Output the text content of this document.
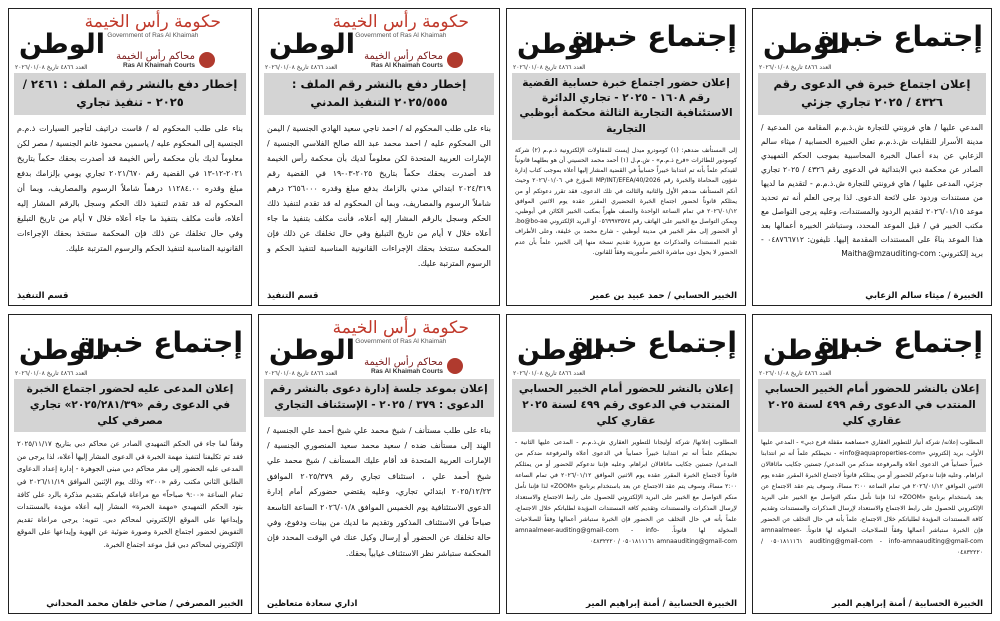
إجتماع خبرة
الوطن
العدد ٤٨٦٦ تاريخ ٢٠٢٦/٠١/٠٨
إعلان اجتماع خبرة في الدعوى رقم ٤٣٢٦ / ٢٠٢٥ تجاري جزئي
المدعي عليها / هاي فرونتي للتجارة ش.ذ.م.م المقامة من المدعية / مدينة الأسرار للنقليات ش.ذ.م.م تعلن الخبيرة الحسابية / ميثاء سالم الزعابي عن بدء أعمال الخبرة المحاسبية بموجب الحكم التمهيدي الصادر عن محكمة دبي الابتدائية في الدعوى رقم ٤٣٢٦ / ٢٠٢٥ تجاري جزئي، المدعى عليها / هاي فرونتي للتجارة ش.ذ.م.م - لتقديم ما لديها من مستندات وردود على لائحة الدعوى. لذا يرجى العلم أنه تم تحديد موعد ٢٠٢٦/٠١/١٥ لتقديم الردود والمستندات، وعليه يرجى التواصل مع مكتب الخبير في / قبل الموعد المحدد، وستباشر الخبيرة أعمالها بعد هذا الموعد بناءً على المستندات المقدمة إليها. تليفون: ٠٤٨٧٦٦٧١٢ - بريد إلكتروني: Maitha@mzauditing-com
الخبيرة / ميثاء سالم الزعابي
إجتماع خبرة
الوطن
العدد ٤٨٦٦ تاريخ ٢٠٢٦/٠١/٠٨
إعلان حضور اجتماع خبرة حسابية القضية رقم ١٦٠٨ - ٢٠٢٥ - تجاري الدائرة الاستئنافية التجارية الثالثة محكمة أبوظبي التجارية
إلى المستأنف ضدهم: (١) كومودرو ميدل إيست للمقاولات الإلكترونية ذ.م.م (٢) شركة كومودور للطائرات «فرع ذ.م.م» - ش.م.ل (١) أحمد محمد الحسيني أن هو بطلهما قانونياً لقيدكم علماً بأنه تم انتدابنا خبيراً حسابياً في القضية المشار إليها أعلاه بموجب كتاب إدارة شؤون المحاماة والخبرة رقم MP/INT/EFEA/40/2026 المؤرخ في ٢٠٢٦/٠١/٠٦ وحيث أنكم المستأنف ضدهم الأول والثانية والثالث في تلك الدعوى، فقد تقرر دعوتكم أو من يمثلكم قانوناً لحضور اجتماع الخبرة التحضيري المقرر عقده يوم الاثنين الموافق ٢٠٢٦/٠١/١٢ في تمام الساعة الواحدة والنصف ظهراً بمكتب الخبير الكائن في أبوظبي، ويمكن التواصل مع الخبير على الهاتف رقم ٠٥٦٩٩٧٣٥٧٤ أو البريد الإلكتروني bo@bo-ae، أو الحضور إلى مقر الخبير في مدينة أبوظبي - شارع محمد بن خليفة، وعلى الأطراف تقديم المستندات والمذكرات مع ضرورة تقديم نسخة منها إلى الخبير، علماً بأن عدم الحضور لا يحول دون مباشرة الخبير مأموريته وفقاً للقانون.
الخبير الحسابي / حمد عبيد بن عمير
حكومة رأس الخيمة
Government of Ras Al Khaimah
محاكم رأس الخيمة
Ras Al Khaimah Courts
الوطن
العدد ٤٨٦٦ تاريخ ٢٠٢٦/٠١/٠٨
إخطار دفع بالنشر رقم الملف : ٢٠٢٥/٥٥٥ التنفيذ المدني
بناء على طلب المحكوم له / احمد ناجي سعيد الهادي الجنسية / اليمن الى المحكوم عليه / احمد محمد عبد الله صالح الفلاسي الجنسية / الإمارات العربية المتحدة لكن معلوماً لديك بأن محكمة رأس الخيمة قد أصدرت بحقك حكماً بتاريخ ٢٠٢٥-٠٣-١٩ في القضية رقم ٢٠٢٤/٣١٩ ابتدائي مدني بالزامك بدفع مبلغ وقدره ٢٦٥٦٠٠٠ درهم شاملاً الرسوم والمصاريف، وبما أن المحكوم له قد تقدم لتنفيذ ذلك الحكم وسجل بالرقم المشار إليه أعلاه، فأنت مكلف بتنفيذ ما جاء أعلاه خلال ٧ أيام من تاريخ التبليغ وفي حال تخلفك عن ذلك فإن المحكمة ستتخذ بحقك الإجراءات القانونية المناسبة لتنفيذ الحكم و الرسوم المترتبة عليك.
قسم التنفيذ
حكومة رأس الخيمة
Government of Ras Al Khaimah
محاكم رأس الخيمة
Ras Al Khaimah Courts
الوطن
العدد ٤٨٦٦ تاريخ ٢٠٢٦/٠١/٠٨
إخطار دفع بالنشر رقم الملف : ٢٤٦١ / ٢٠٢٥ - تنفيذ تجاري
بناء على طلب المحكوم له / قاست دراتيف لتأجير السيارات ذ.م.م الجنسية إلى المحكوم عليه / ياسمين محمود غانم الجنسية / مصر لكن معلوماً لديك بأن محكمة رأس الخيمة قد أصدرت بحقك حكماً بتاريخ ٢٠٢١-١٢-١٣ في القضية رقم ٢٠٢١/٦٧٠ تجاري يومي بإلزامك بدفع مبلغ وقدره ١١٢٨٤.٠٠ درهماً شاملاً الرسوم والمصاريف، وبما أن المحكوم له قد تقدم لتنفيذ ذلك الحكم وسجل بالرقم المشار إليه أعلاه، فأنت مكلف بتنفيذ ما جاء أعلاه خلال ٧ أيام من تاريخ التبليغ وفي حال تخلفك عن ذلك فإن المحكمة ستتخذ بحقك الإجراءات القانونية المناسبة لتنفيذ الحكم والرسوم المترتبة عليك.
قسم التنفيذ
إجتماع خبرة
الوطن
العدد ٤٨٦٦ تاريخ ٢٠٢٦/٠١/٠٨
إعلان بالنشر للحضور أمام الخبير الحسابي المنتدب في الدعوى رقم ٤٩٩ لسنة ٢٠٢٥ عقاري كلي
المطلوب إعلانه/ شركة أنيار للتطوير العقاري «مساهمة مقفلة فرع دبي» - المدعي عليها الأولى، بريد إلكتروني «info@aquaproperties-com» - نحيطكم علماً أنه تم انتدابنا خبيراً حسابياً في الدعوى أعلاه والمرفوعة ضدكم من المدعي/ جستين جكايب ماثاقالان ابراهام. وعليه فإننا ندعوكم للحضور أو من يمثلكم قانوناً لاجتماع الخبرة المقرر عقده يوم الاثنين الموافق ٢٠٢٦/٠١/١٢ في تمام الساعة ٢:٠٠ مساءً، وسوف يتم عقد الاجتماع عن بعد باستخدام برنامج «ZOOM» لذا فإننا نأمل منكم التواصل مع الخبير على البريد الإلكتروني للحصول على رابط الاجتماع والاستعداد لإرسال المذكرات والمستندات وتقديم كافة المستندات المؤيدة لطلباتكم خلال الاجتماع، علماً بأنه في حال التخلف عن الحضور فإن الخبرة ستباشر أعمالها وفقاً للصلاحيات المخولة لها قانوناً. amnaalmeer-auditing@gmail-com - info-amnaauditing@gmail-com ٠٥٠١٨١١١٦١ / ٠٤٨٣٢٢٢٠
الخبيرة الحسابية / أمنة إبراهيم المير
إجتماع خبرة
الوطن
العدد ٤٨٦٦ تاريخ ٢٠٢٦/٠١/٠٨
إعلان بالنشر للحضور أمام الخبير الحسابي المنتدب في الدعوى رقم ٤٩٩ لسنة ٢٠٢٥ عقاري كلي
المطلوب إعلانها/ شركة أوليجانا للتطوير العقاري ش.ذ.م.م - المدعى عليها الثانية - نحيطكم علماً أنه تم انتدابنا خبيراً حسابياً في الدعوى أعلاه والمرفوعة ضدكم من المدعي/ جستين جكايب ماثاقالان ابراهام. وعليه فإننا ندعوكم للحضور أو من يمثلكم قانوناً لاجتماع الخبرة المقرر عقده يوم الاثنين الموافق ٢٠٢٦/٠١/١٢ في تمام الساعة ٢:٠٠ مساءً، وسوف يتم عقد الاجتماع عن بعد باستخدام برنامج «ZOOM» لذا فإننا نأمل منكم التواصل مع الخبير على البريد الإلكتروني للحصول على رابط الاجتماع والاستعداد لإرسال المذكرات والمستندات وتقديم كافة المستندات المؤيدة لطلباتكم خلال الاجتماع، علماً بأنه في حال التخلف عن الحضور فإن الخبرة ستباشر أعمالها وفقاً للصلاحيات المخولة لها قانوناً. amnaalmeer-auditing@gmail-com - info-amnaauditing@gmail-com ٠٥٠١٨١١١٦١ / ٠٤٨٣٢٢٢٠
الخبيرة الحسابية / أمنة إبراهيم المير
حكومة رأس الخيمة
Government of Ras Al Khaimah
محاكم رأس الخيمة
Ras Al Khaimah Courts
الوطن
العدد ٤٨٦٦ تاريخ ٢٠٢٦/٠١/٠٨
إعلان بموعد جلسة إدارة دعوى بالنشر رقم الدعوى : ٣٧٩ / ٢٠٢٥ - الإستئناف التجاري
بناء على طلب مستأنف / شيخ محمد علي شيخ أحمد علي الجنسية / الهند إلى مستأنف ضده / سعيد محمد سعيد المنصوري الجنسية / الإمارات العربية المتحدة قد أقام عليك المستأنف / شيخ محمد علي شيخ أحمد علي ، استئناف تجاري رقم ٢٠٢٥/٣٧٩ الموافق ٢٠٢٥/١٢/٢٣ ابتدائي تجاري، وعليه يقتضي حضوركم أمام إدارة الدعوى الاستئنافية يوم الخميس الموافق ٢٠٢٦/٠١/٨ الساعة التاسعة صباحاً في الاستئناف المذكور وتقديم ما لديك من بينات ودفوع، وفي حالة تخلفك عن الحضور أو إرسال وكيل عنك في الوقت المحدد فإن المحكمة ستباشر نظر الاستئناف غيابياً بحقك.
اداري سعادة متعاظين
إجتماع خبرة
الوطن
العدد ٤٨٦٦ تاريخ ٢٠٢٦/٠١/٠٨
إعلان المدعى عليه لحضور اجتماع الخبرة في الدعوى رقم «٢٠٢٥/٢٨١/٣٩» تجاري مصرفي كلي
وفقاً لما جاء في الحكم التمهيدي الصادر عن محاكم دبي بتاريخ ٢٠٢٥/١١/١٧ فقد تم تكليفنا لتنفيذ مهمة الخبرة في الدعوى المشار إليها أعلاه، لذا يرجى من المدعى عليه الحضور إلى مقر محاكم دبي مبنى الجوهرة - إدارة إعداد الدعاوى الطابق الثاني مكتب رقم «٢٠٠» وذلك يوم الإثنين الموافق ٢٠٢٦/١١/١٩ في تمام الساعة «٩:٠٠ صباحاً» مع مراعاة قيامكم بتقديم مذكرة بالرد على كافة بنود الحكم التمهيدي «مهمة الخبرة» المشار إليه أعلاه مؤيدة بالمستندات وإيداعها على الموقع الإلكتروني لمحاكم دبي. تنويه: يرجى مراعاة تقديم التفويض لحضور اجتماع الخبرة وصورة ضوئية عن الهوية وإيداعها على الموقع الإلكتروني لمحاكم دبي قبل موعد اجتماع الخبرة.
الخبير المصرفي / ضاحي خلفان محمد المحداني
